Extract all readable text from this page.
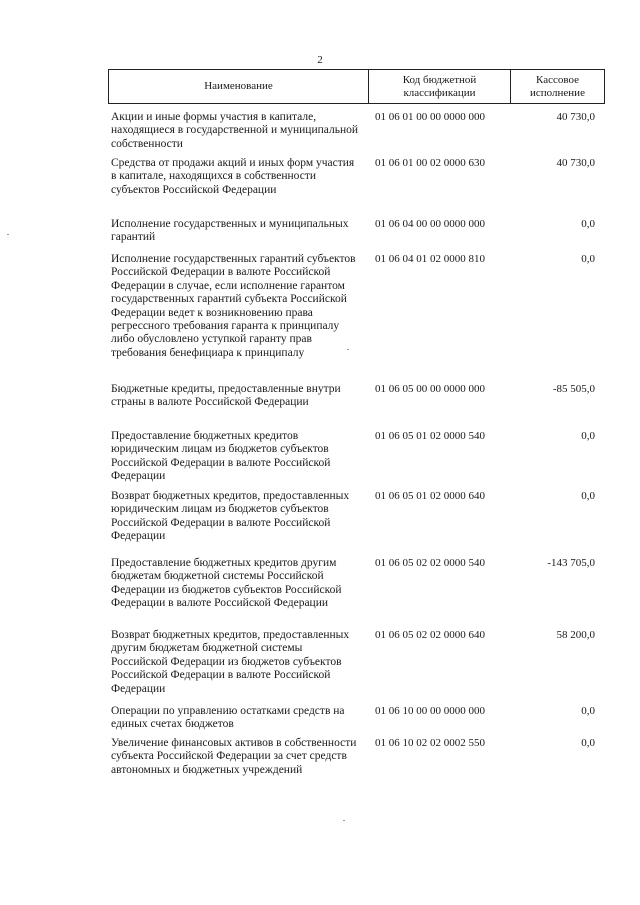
2
Наименование
Код бюджетной классификации
Кассовое исполнение
Акции и иные формы участия в капитале, находящиеся в государственной и муниципальной собственности
01 06 01 00 00 0000 000	40 730,0
Средства от продажи акций и иных форм участия в капитале, находящихся в собственности субъектов Российской Федерации
01 06 01 00 02 0000 630	40 730,0
Исполнение государственных и муниципальных гарантий
01 06 04 00 00 0000 000	0,0
Исполнение государственных гарантий субъектов Российской Федерации в валюте Российской Федерации в случае, если исполнение гарантом государственных гарантий субъекта Российской Федерации ведет к возникновению права регрессного требования гаранта к принципалу либо обусловлено уступкой гаранту прав требования бенефициара к принципалу
01 06 04 01 02 0000 810	0,0
Бюджетные кредиты, предоставленные внутри страны в валюте Российской Федерации
01 06 05 00 00 0000 000	-85 505,0
Предоставление бюджетных кредитов юридическим лицам из бюджетов субъектов Российской Федерации в валюте Российской Федерации
01 06 05 01 02 0000 540	0,0
Возврат бюджетных кредитов, предоставленных юридическим лицам из бюджетов субъектов Российской Федерации в валюте Российской Федерации
01 06 05 01 02 0000 640	0,0
Предоставление бюджетных кредитов другим бюджетам бюджетной системы Российской Федерации из бюджетов субъектов Российской Федерации в валюте Российской Федерации
01 06 05 02 02 0000 540	-143 705,0
Возврат бюджетных кредитов, предоставленных другим бюджетам бюджетной системы Российской Федерации из бюджетов субъектов Российской Федерации в валюте Российской Федерации
01 06 05 02 02 0000 640	58 200,0
Операции по управлению остатками средств на единых счетах бюджетов
01 06 10 00 00 0000 000	0,0
Увеличение финансовых активов в собственности субъекта Российской Федерации за счет средств автономных и бюджетных учреждений
01 06 10 02 02 0002 550	0,0
